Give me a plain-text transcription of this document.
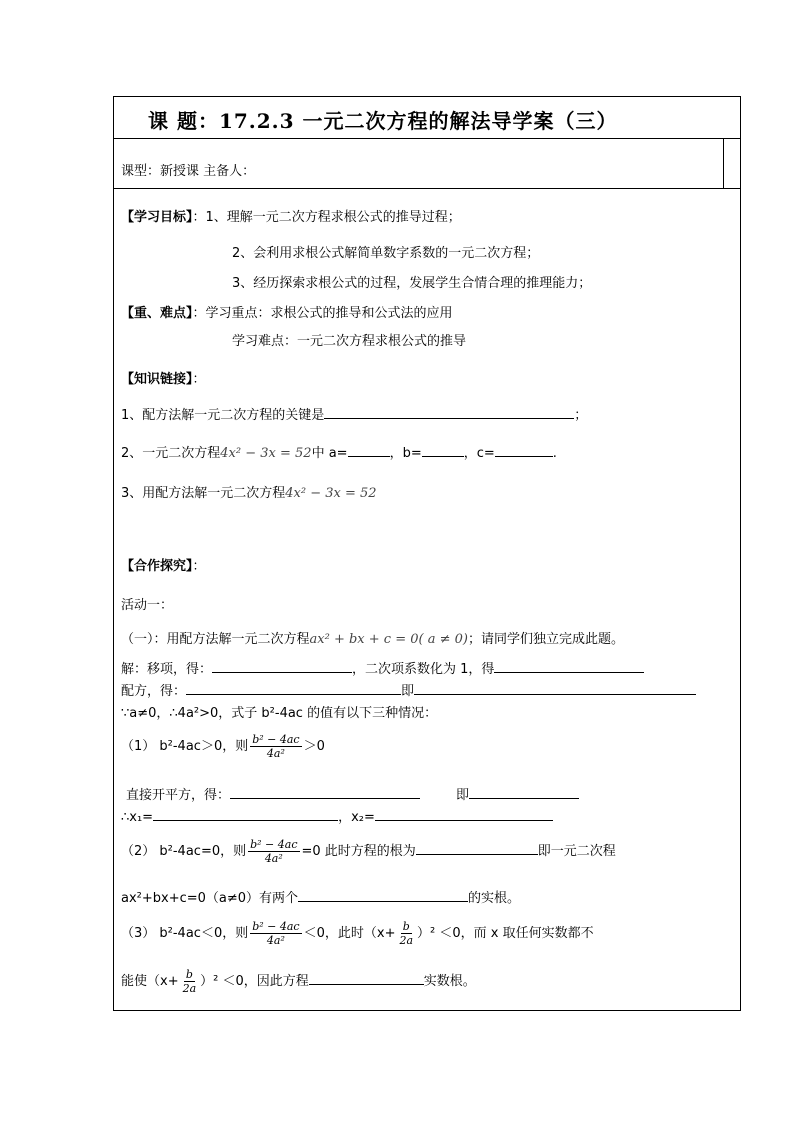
课 题：17.2.3 一元二次方程的解法导学案（三）
课型：新授课 主备人：
【学习目标】：1、理解一元二次方程求根公式的推导过程；
2、会利用求根公式解简单数字系数的一元二次方程；
3、经历探索求根公式的过程，发展学生合情合理的推理能力；
【重、难点】：学习重点：求根公式的推导和公式法的应用
学习难点：一元二次方程求根公式的推导
【知识链接】：
1、配方法解一元二次方程的关键是	；
2、一元二次方程4x² − 3x = 52中 a=	，b=	，c=	.
3、用配方法解一元二次方程4x² − 3x = 52
【合作探究】：
活动一：
（一）：用配方法解一元二次方程ax² + bx + c = 0( a ≠ 0)；请同学们独立完成此题。
解：移项，得：	，二次项系数化为 1，得
配方，得：	即
∵a≠0，∴4a²>0，式子 b²-4ac 的值有以下三种情况：
（1） b²-4ac＞0，则 $\frac{\text{b² − 4ac}}{\text{4a²}} >0$
直接开平方，得：	即
∴x₁=	，x₂=
（2） b²-4ac=0，则 $\frac{\text{b² − 4ac}}{\text{4a²}} =0$ 此时方程的根为	即一元二次程
ax²+bx+c=0（a≠0）有两个	的实根。
（3） b²-4ac＜0，则 $\frac{\text{b² − 4ac}}{\text{4a²}} <0$，此时$(x+ \frac{b}{2a} )^2 <0$，而 x 取任何实数都不
能使$(x+ \frac{b}{2a} )^2 <0$，因此方程	实数根。
